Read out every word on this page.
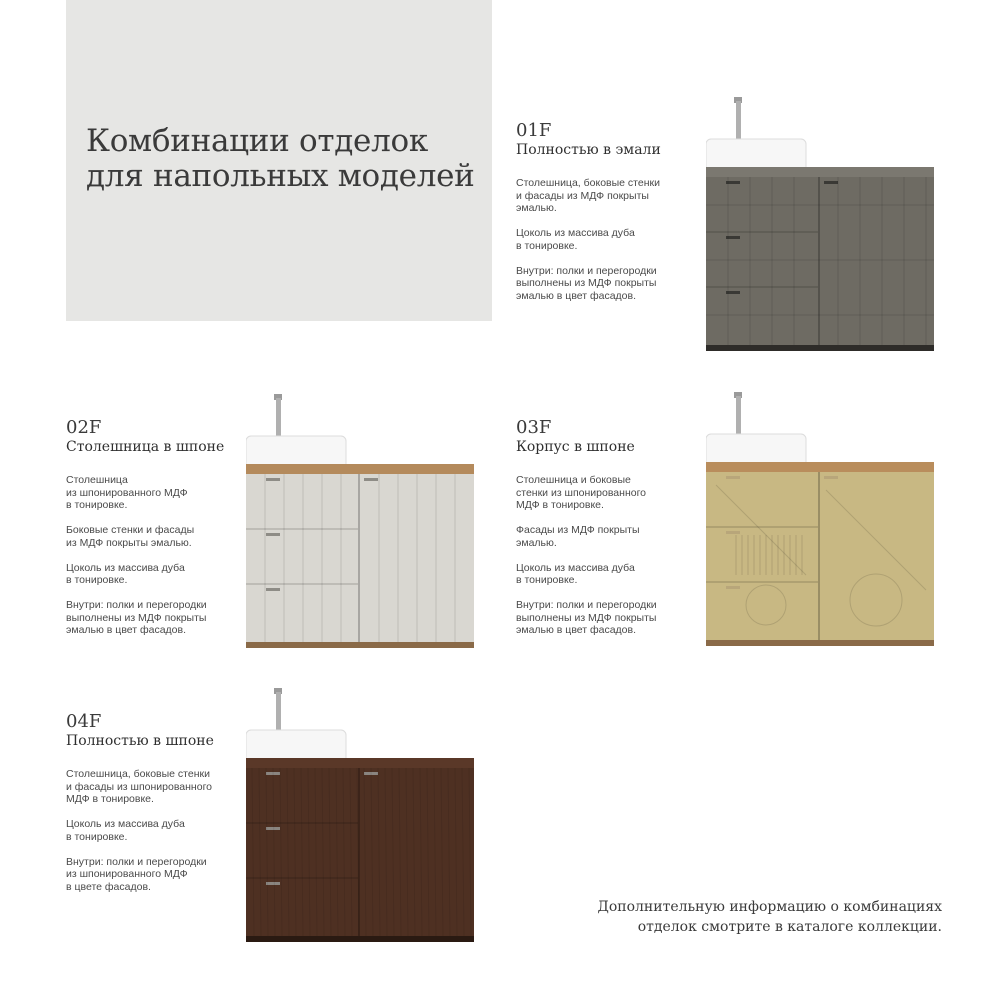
Комбинации отделок
для напольных моделей

01F

Полностью в эмали

Столешница, боковые стенки
и фасады из МДФ покрыты
эмалью.

Цоколь из массива дуба
в тонировке.

Внутри: полки и перегородки
выполнены из МДФ покрыты
эмалью в цвет фасадов.

02F

Столешница в шпоне

Столешница
из шпонированного МДФ
в тонировке.

Боковые стенки и фасады
из МДФ покрыты эмалью.

Цоколь из массива дуба
в тонировке.

Внутри: полки и перегородки
выполнены из МДФ покрыты
эмалью в цвет фасадов.

03F

Корпус в шпоне

Столешница и боковые
стенки из шпонированного
МДФ в тонировке.

Фасады из МДФ покрыты
эмалью.

Цоколь из массива дуба
в тонировке.

Внутри: полки и перегородки
выполнены из МДФ покрыты
эмалью в цвет фасадов.

04F

Полностью в шпоне

Столешница, боковые стенки
и фасады из шпонированного
МДФ в тонировке.

Цоколь из массива дуба
в тонировке.

Внутри: полки и перегородки
из шпонированного МДФ
в цвете фасадов.

Дополнительную информацию о комбинациях
отделок смотрите в каталоге коллекции.
